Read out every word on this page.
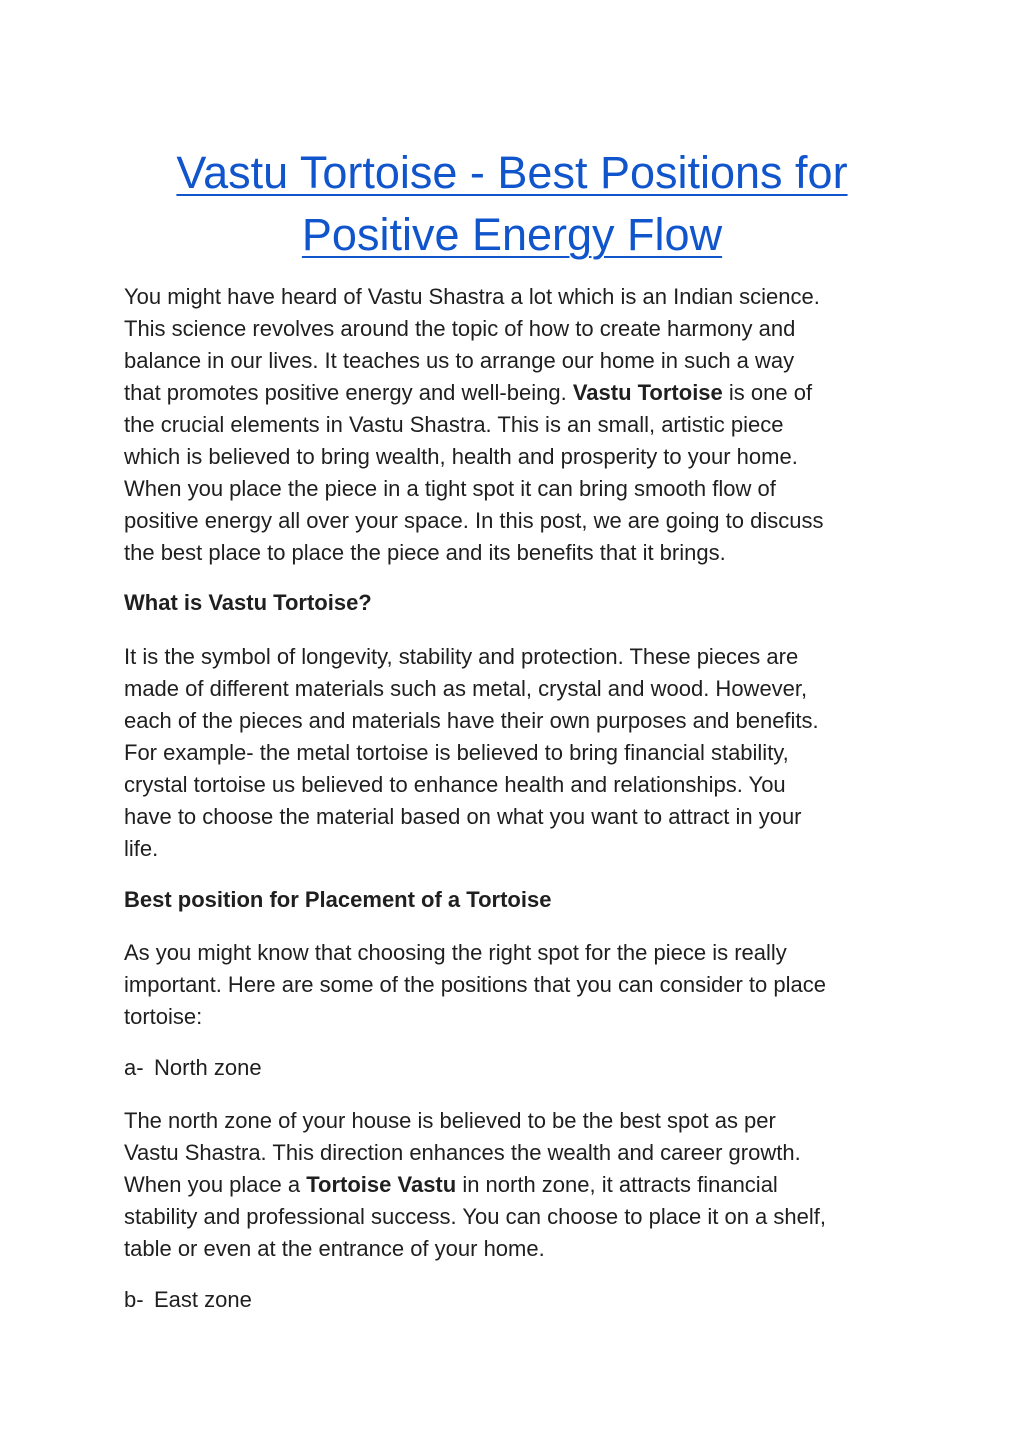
Vastu Tortoise - Best Positions for
Positive Energy Flow

You might have heard of Vastu Shastra a lot which is an Indian science.
This science revolves around the topic of how to create harmony and
balance in our lives. It teaches us to arrange our home in such a way
that promotes positive energy and well-being. Vastu Tortoise is one of
the crucial elements in Vastu Shastra. This is an small, artistic piece
which is believed to bring wealth, health and prosperity to your home.
When you place the piece in a tight spot it can bring smooth flow of
positive energy all over your space. In this post, we are going to discuss
the best place to place the piece and its benefits that it brings.

What is Vastu Tortoise?

It is the symbol of longevity, stability and protection. These pieces are
made of different materials such as metal, crystal and wood. However,
each of the pieces and materials have their own purposes and benefits.
For example- the metal tortoise is believed to bring financial stability,
crystal tortoise us believed to enhance health and relationships. You
have to choose the material based on what you want to attract in your
life.

Best position for Placement of a Tortoise

As you might know that choosing the right spot for the piece is really
important. Here are some of the positions that you can consider to place
tortoise:

a- North zone

The north zone of your house is believed to be the best spot as per
Vastu Shastra. This direction enhances the wealth and career growth.
When you place a Tortoise Vastu in north zone, it attracts financial
stability and professional success. You can choose to place it on a shelf,
table or even at the entrance of your home.

b- East zone
